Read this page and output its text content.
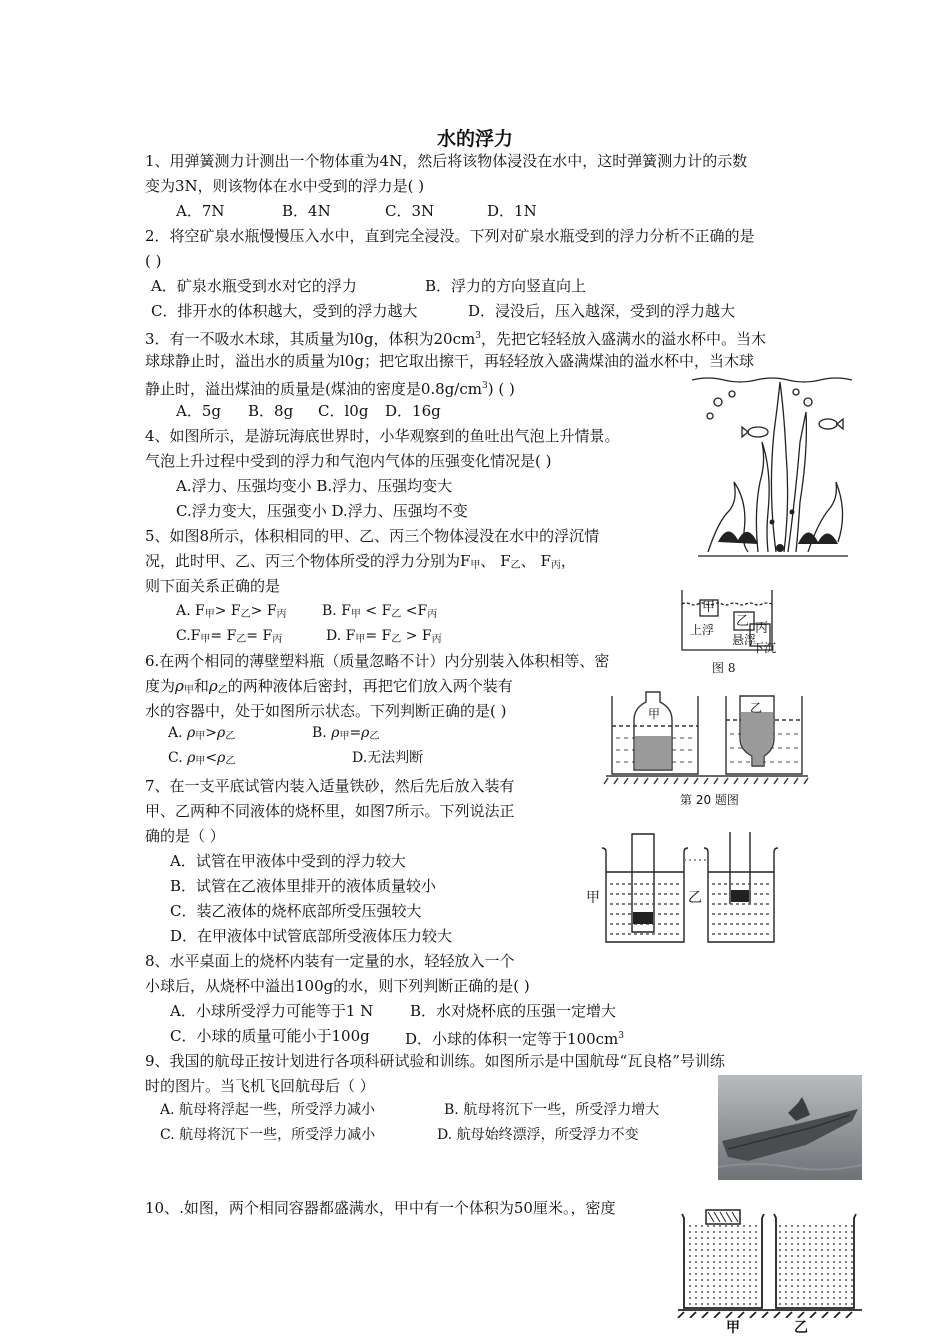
水的浮力
1、用弹簧测力计测出一个物体重为4N，然后将该物体浸没在水中，这时弹簧测力计的示数
变为3N，则该物体在水中受到的浮力是( )
A．7N	B．4N	C．3N	D．1N
2．将空矿泉水瓶慢慢压入水中，直到完全浸没。下列对矿泉水瓶受到的浮力分析不正确的是
( )
A．矿泉水瓶受到水对它的浮力	B．浮力的方向竖直向上
C．排开水的体积越大，受到的浮力越大	D．浸没后，压入越深，受到的浮力越大
3．有一不吸水木球，其质量为l0g，体积为$20cm^3$，先把它轻轻放入盛满水的溢水杯中。当木
球球静止时，溢出水的质量为l0g；把它取出擦干，再轻轻放入盛满煤油的溢水杯中，当木球
静止时，溢出煤油的质量是(煤油的密度是$0.8g/cm^3$) ( )
A．5g B．8g C．l0g D．16g
4、如图所示，是游玩海底世界时，小华观察到的鱼吐出气泡上升情景。
气泡上升过程中受到的浮力和气泡内气体的压强变化情况是( )
A.浮力、压强均变小 B.浮力、压强均变大
C.浮力变大，压强变小 D.浮力、压强均不变
5、如图8所示，体积相同的甲、乙、丙三个物体浸没在水中的浮沉情
况，此时甲、乙、丙三个物体所受的浮力分别为$F_甲$、 $F_乙$、 $F_丙$，
则下面关系正确的是
A. $F_甲> F_乙> F_丙$	B. $F_甲 < F_乙 <F_丙$
$C.F_甲= F_乙= F_丙$	D. $F_甲= F_乙 > F_丙$
甲
乙 丙
上浮
悬浮
下沉
图 8
6.在两个相同的薄壁塑料瓶（质量忽略不计）内分别装入体积相等、密
度为$\rho_甲$和$\rho_乙$的两种液体后密封，再把它们放入两个装有
水的容器中，处于如图所示状态。下列判断正确的是( )
A. $\rho_甲>\rho_乙$	B. $\rho_甲=\rho_乙$
C. $\rho_甲<\rho_乙$	D.无法判断
甲	乙
第 20 题图
7、在一支平底试管内装入适量铁砂，然后先后放入装有
甲、乙两种不同液体的烧杯里，如图7所示。下列说法正
确的是（ ）
A．试管在甲液体中受到的浮力较大
B．试管在乙液体里排开的液体质量较小
C．装乙液体的烧杯底部所受压强较大
D．在甲液体中试管底部所受液体压力较大
甲	乙
8、水平桌面上的烧杯内装有一定量的水，轻轻放入一个
小球后，从烧杯中溢出100g的水，则下列判断正确的是( )
A．小球所受浮力可能等于1 N B．水对烧杯底的压强一定增大
C．小球的质量可能小于100g D．小球的体积一定等于$100cm^3$
9、我国的航母正按计划进行各项科研试验和训练。如图所示是中国航母“瓦良格”号训练
时的图片。当飞机飞回航母后（ ）
A. 航母将浮起一些，所受浮力减小	B. 航母将沉下一些，所受浮力增大
C. 航母将沉下一些，所受浮力减小	D. 航母始终漂浮，所受浮力不变
10、.如图，两个相同容器都盛满水，甲中有一个体积为50厘米。，密度
甲	乙
